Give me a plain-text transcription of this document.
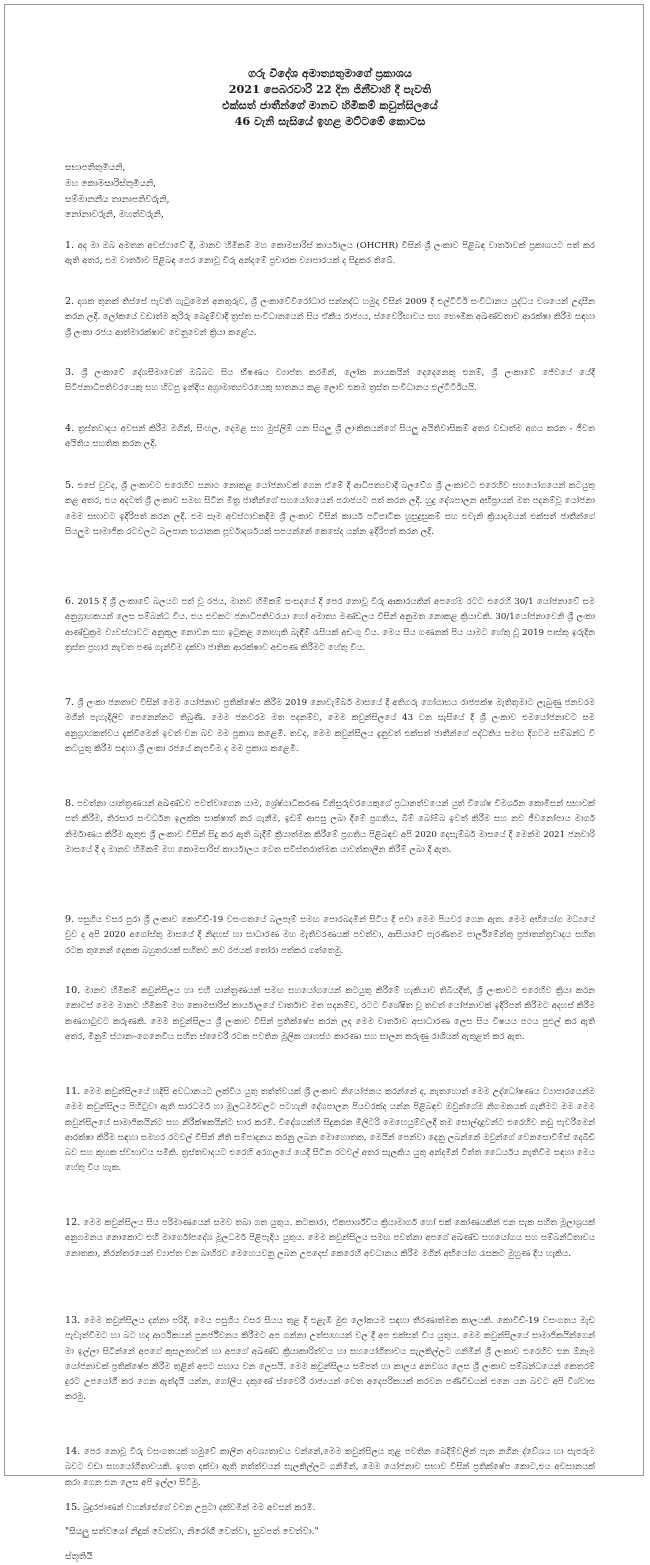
ගරු විදේශ අමාත්‍යතුමාගේ ප්‍රකාශය
2021 පෙබරවාරි 22 දින ජිනීවාහි දී පැවති
එක්සත් ජාතීන්ගේ මානව හිමිකම් කවුන්සිලයේ
46 වැනි සැසියේ ඉහළ මට්ටමේ කොටස
සභාපතිතුමියනි,
මහ කොමසාරිස්තුමියනි,
සම්මානනීය තානාපතිවරුනි,
නෝනාවරුනි, මහත්වරුනි,

1. අද මා ඔබ අමතන අවස්ථාවේ දී, මානව හිමිකම් මහ කොමසාරිස් කාර්යාලය (OHCHR) විසින් ශ්‍රී ලංකාව පිළිබඳ වාර්තාවක් ප්‍රකාශයට පත් කර ඇති අතර, එම වාර්තාව පිළිබඳ පෙර නොවූ විරු අන්දමේ ප්‍රචාරක ව්‍යාපාරයක් ද සිදුකර තිබේ.

2. දශක තුනක් තිස්සේ පැවති ගැටුමෙන් අනතුරුව, ශ්‍රී ලංකාවේවිරෝධාර සන්නද්ධ හමුදා විසින් 2009 දී එල්ටීටීඊ සංවිධානය යුද්ධය වශයෙන් උදාසීන කරන ලදී. ලෝකයේ වඩාත්ම කුරිරු බෙදුම්වාදී ත්‍රස්ත සංවිධානයෙන් සිය ඒකීය රාජ්‍යය, ස්වෛරීභාවය සහ භෞමික අඛණ්ඩතාව ආරක්ෂා කිරීම සඳහා ශ්‍රී ලංකා රජය ආත්මාරක්ෂාව වෙනුවෙන් ක්‍රියා කළේය.

3. ශ්‍රී ලංකාවේ දේශසීමාවෙන් ඔබ්බට සිය භීෂණය ව්‍යාප්ත කරමින්, ලෝක නායකයින් දෙදෙනෙකු එනම්, ශ්‍රී ලංකාවේ ජේවයේ යේදී සිටිජනාධිපතිවරයෙකු සහ හිටපු ඉන්දිය අග්‍රාමාත්‍යවරයෙකු ඝාතනය කළ ලොව එකම ත්‍රස්ත සංවිධානය එල්ටීටීඊයයි.

4. ත්‍රස්තවාදය අවසන් කිරීම මගින්, සිංහල, දෙමළ සහ මුස්ලිම් යන සියලු ශ්‍රී ලාංකිකයන්ගේ සියලු අයිතිවාසිකම් අතර වඩාත්ම අගය කරන - ජීවත අයිතිය සහතික කරන ලදී.

5. එසේ වුවද, ශ්‍රී ලංකාවට එරෙහිව සනාථ නොකළ යෝජනාවක් ගෙන ඒමේ දී ආධිපත්‍යවාදී බලවේග ශ්‍රී ලංකාවට එරෙහිව සහයෝගයෙන් කටයුතු කළ අතර, එය අදටත් ශ්‍රී ලංකාව සමඟ සිටින මිත්‍ර ජාතීන්ගේ සහයෝගයෙන් පරාජයට පත් කරන ලදී. හුදු දේශපාලන අභිප්‍රායන් මත පදනම්වූ යෝජනා මෙම සභාවට ඉදිරිපත් කරන ලදී. එම සෑම අවස්ථාවකදීම ශ්‍රී ලංකාව විසින් කාර්ය පටිපාටික හුසුදුසුකම් සහ එවැනි ක්‍රියාදාමයන් එක්සත් ජාතීන්ගේ සියලුම සාමාජික රටවලට බලපාන භයානක පූර්වාදර්ශයක් සපයන්නේ කෙසේද යන්න ඉදිරිපත් කරන ලදී.

6. 2015 දී ශ්‍රී ලංකාවේ බලයට පත් වූ රජය, මානව හිමිකම් සංසදයේ දී පෙර නොවූ විරු ආකාරයකින් අපගේම රටට එරෙහි 30/1 යෝජනාවේ සම අනුග්‍රාහකයන් ලෙස සම්බන්ධ විය. එය එවකට ජනාධිපතිවරයා හෝ අමාත්‍ය මණ්ඩලය විසින් අනුමත නොකළ ක්‍රියාවකි. 30/1යෝජනාවෙනි ශ්‍රී ලංකා ආණ්ඩුක්‍රම ව්‍යවස්ථාවට අනුකූල නොවන සහ ඉටුකළ නොහැකි බැඳීම් රැසියක් අඩංගු විය. මෙය සිය ගණනක් පිය යාමට හේතු වූ 2019 පාස්කු ඉරුදින ත්‍රස්ත ප්‍රහාර නැවත පණ ගැන්වීම දක්වා ජාතික ආරක්ෂාව අඩපණ කිරීමට හේතු විය.

7. ශ්‍රී ලංකා ජනතාව විසින් මෙම යෝජනාව ප්‍රතික්ෂේප කිරීම 2019 නොවැම්බර් මාසයේ දී අතිගරු ගෝඨාභය රාජපක්ෂ මැතිතුමාට ලැබුණු ජනවරම මගින් පැහැදිලිව පෙනෙන්නට තිබුණි. මෙම ජනවරම මත පදනම්ව, මෙම කවුන්සිලයේ 43 වන සැසියේ දී ශ්‍රී ලංකාව එමයෝජනාවට සම අනුග්‍රාහකත්වය දැක්වීමෙන් ඉවත් වන බව මම ප්‍රකාශ කළෙමි. තවද, මෙම කවුන්සිලය දැනුවත් එක්සත් ජාතීන්ගේ පද්ධතිය සමඟ දිගටම සම්බන්ධ වී කටයුතු කිරීම සඳහා ශ්‍රී ලංකා රජයේ කැපවීම ද මම ප්‍රකාශ කළෙමි.

8. පවත්නා යාන්ත්‍රණයන් අඛණ්ඩව පවත්වාගෙන යාම, ශ්‍රේෂ්ඨාධිකරණ විනිසුරුවරයෙකුගේ ප්‍රධානත්වයෙන් යුත් විශේෂ විමර්ශන කොමිසන් සභාවක් පත් කිරීම, තිරසාර සංවර්ධන ඉලක්ක සාක්ෂාත් කර ගැනීම, ඉඩම් ආපසු ලබා දීමේ ප්‍රගතිය, බිම් බෝම්බ ඉවත් කිරීම සහ නව ජීවනෝපාය මාර්ග නිර්මාණය කිරීම ඇතුළු ශ්‍රී ලංකාව විසින් සිදු කර ඇති බැදීම් ක්‍රියාත්මක කිරීමේ ප්‍රගතිය පිළිබඳව අපි 2020 දෙසැම්බර් මාසයේ දී මෙන්ම 2021 ජනවාරි මාසයේ දී ද මානව හිමිකම් මහ කොමසාරිස් කාර්යාලය වෙත සවිස්තරාත්මක යාවත්කාලීන කිරීම් ලබා දී ඇත.

9. පසුගිය වසර පුරා ශ්‍රී ලංකාව කොවිඩ්-19 වසංගතයේ බලපෑම් සමඟ පොරබදමින් සිටිය දී පවා මෙම පියවර ගෙන ඇත. මෙම අභියෝග මධ්‍යයේ වුව ද අපි 2020 අගෝස්තු මාසයේ දී නිදහස් හා සාධාරණ මහ මැතිවරණයක් පවත්වා, ආසියාවේ පැරණිතම පාර්ලිමේන්තු ප්‍රජාතන්ත්‍රවාදය සහිත රටක තුනෙන් දෙකක බහුතරයක් සහිතව නව රජයක් තෝරා පත්කර ගත්තෙමු.

10. මානව හිමිකම් කවුන්සිලය හා එහි යාන්ත්‍රණයන් සමඟ සහයෝගයෙන් කටයුතු කිරීමේ හැකියාව තිබියදීත්, ශ්‍රී ලංකාවට එරෙහිව ක්‍රියා කරන කොටස් මෙම මානව හිමිකම් මහ කොමසාරිස් කාර්යාලයේ වාර්තාව මත පදනම්ව, රටට විශේෂිත වූ තවත් යෝජනාවක් ඉදිරිපත් කිරීමට අදහස් කිරීම කණගාටුවට කරුණකි. මෙම කවුන්සිලය ශ්‍රී ලංකාව විසින් ප්‍රතික්ෂේප කරන ලද මෙම වාර්තාව අසාධාරණ ලෙස සිය විෂයය පථය පුළුල් කර ඇති අතර, මිනුම් ස්ථානං-ගෙනෙවිය සහිත ස්වෛරී රටක පවතින මූලික ගෘහස්ථ කාරණා සහ සාලන කරුණු රාශියක් ඇතුළත් කර ඇත.

11. මෙම කවුන්සිලයේ හදිසි අවධානයට ලක්විය යුතු තත්ත්වයක් ශ්‍රී ලංකාව නියෝජනය කරන්නේ ද, නැතහොත් මෙම උද්ධෝෂණය ව්‍යාපාරයෙන්ම මෙම කවුන්සිලය පිහිටුවා ඇති සාරධර්ම හා මූලධර්මවලට පටහැනි දේශපාලන පියවරක්ද යන්න පිළිබඳව ඔවුන්ගේම නිගමනයක් ගැනීමට මම මෙම කවුන්සිලයේ සාමාජිකයින්ට සහ නිරීක්ෂකයින්ට භාර කරමි. විදේශයන්හි සිදුකරන මිලිටරි මෙහෙයුම්වලදී තම සොල්දාදුවන්ට එරෙහිව නඩු පැවරීමෙන් ආරක්ෂා කිරීම සඳහා සමහර රටවල් වීසින් නීති සම්පාදනය කරනු ලබන මොහොතක, මෙයින් පෙන්වා දෙනු ලබන්නේ ඔවුන්ගේ වෙනසොවිම්ස් දෙබිඩි බව සහ කුහක ස්වභාවය සමිකි. ත්‍රස්තවාදයට එරෙහි අරගලයේ යෙදී සිටින රටවල් අතර සැලකිය යුතු අන්දමින් විත්ත ධෛර්යය නැතිවීම සඳහා මෙය හේතු විය හැක.

12. මෙම කවුන්සිලය සිය පරිමාණයෙන් සමව තබා ගත යුතුය. කටකාරා, ඒකපාර්ශ්වීය ක්‍රියාමාර්ග හෝ එක් කෝණයකින් එන සැක සහිත මූලාශ්‍රයක් අනුගමනය නොකොට එහි මාර්ගෝපදේශ මූලධර්ම පිළිපැදිය යුතුය. මෙම කවුන්සිලය සමඟ පවත්නා අපගේ අඛණ්ඩ සහයෝගය සහ සම්බන්ධිතාවය නොතකා, නිරන්තරයෙන් ව්‍යාප්ත වන බාහිරව මෙහෙයවනු ලබන උපදෙස් කෙරෙහි අවධානය කිරීම මගින් අභියෝග රැසකට මුහුණ දිය හැකිය.

13. මෙම කවුන්සිලය දන්නා පරිදි, මෙය පසුගිය වසර සියය තුළ දී එළැඹි මුළු ලෝකයම සඳහා තීරණාත්මක කාලයකි. කොවිඩ්-19 වසංගතය මැඩ පැවැත්වීමට හා බට හද ආර්ථිකයන් පුනර්ජීවනය කිරීමට අප ගන්නා උත්සාහයන් වල දී අප එක්සත් විය යුතුය. මෙම කවුන්සිලයේ සාමාජිකයින්ගෙන් මා ඉල්ලා සිටින්නේ අපගේ කුසලතාවන් හා අපගේ අඛණ්ඩ ක්‍රියාකාරිත්වය හා සහයෝගීතාවය සැලකිල්ලට ගනිමින් ශ්‍රී ලංකාව එරෙහිව එන ඕනෑම යෝජනාවක් ප්‍රතික්ෂේප කිරීම තුළින් අපට සහාය වන ලෙසයි. මෙම කවුන්සිලය සම්පත් හා කාලය අනවශ්‍ය ලෙස ශ්‍රී ලංකාව සම්බන්ධයෙන් කෙතරම් දුරට උපයෝගී කර ගෙන ඇත්දැයි යන්න, ගෝලීය දකුණේ ස්වෛරී රාජ්‍යයන් වෙත අදෙපරිකයක් කරවන පණිවිඩයක් එනෙ යන බවට අපි විශ්වාස කරමු.

14. පෙර නොවූ විරු වසංගතයක් හමුවේ කාලීන අවශ්‍යතාවය වන්නේ,මෙම කවුන්සිලය තුළ පවතින බෙදීම්වලින් පැන නගින ද්වේශය හා සැපරුම බවට වඩා සහයෝගීතාවයකි. ඉහත දක්වා ඇති තත්ත්වයන් සැලකිල්ලට ගනිමින්, මෙම යෝජනාව සභාව විසින් ප්‍රතික්ෂේප කොට,එය අවසානයක් කරා ගෙන එන ලෙස අපි ඉල්ලා සිටිමු.

15. බුදුරජාණන් වහන්සේගේ වචන උපුටා දක්වමින් මම අවසන් කරමි.

"සියලු සත්වයෝ නිදුක් වෙත්වා, නිරෝගී වෙත්වා, සුවපත් වෙත්වා."

ස්තූතියි
